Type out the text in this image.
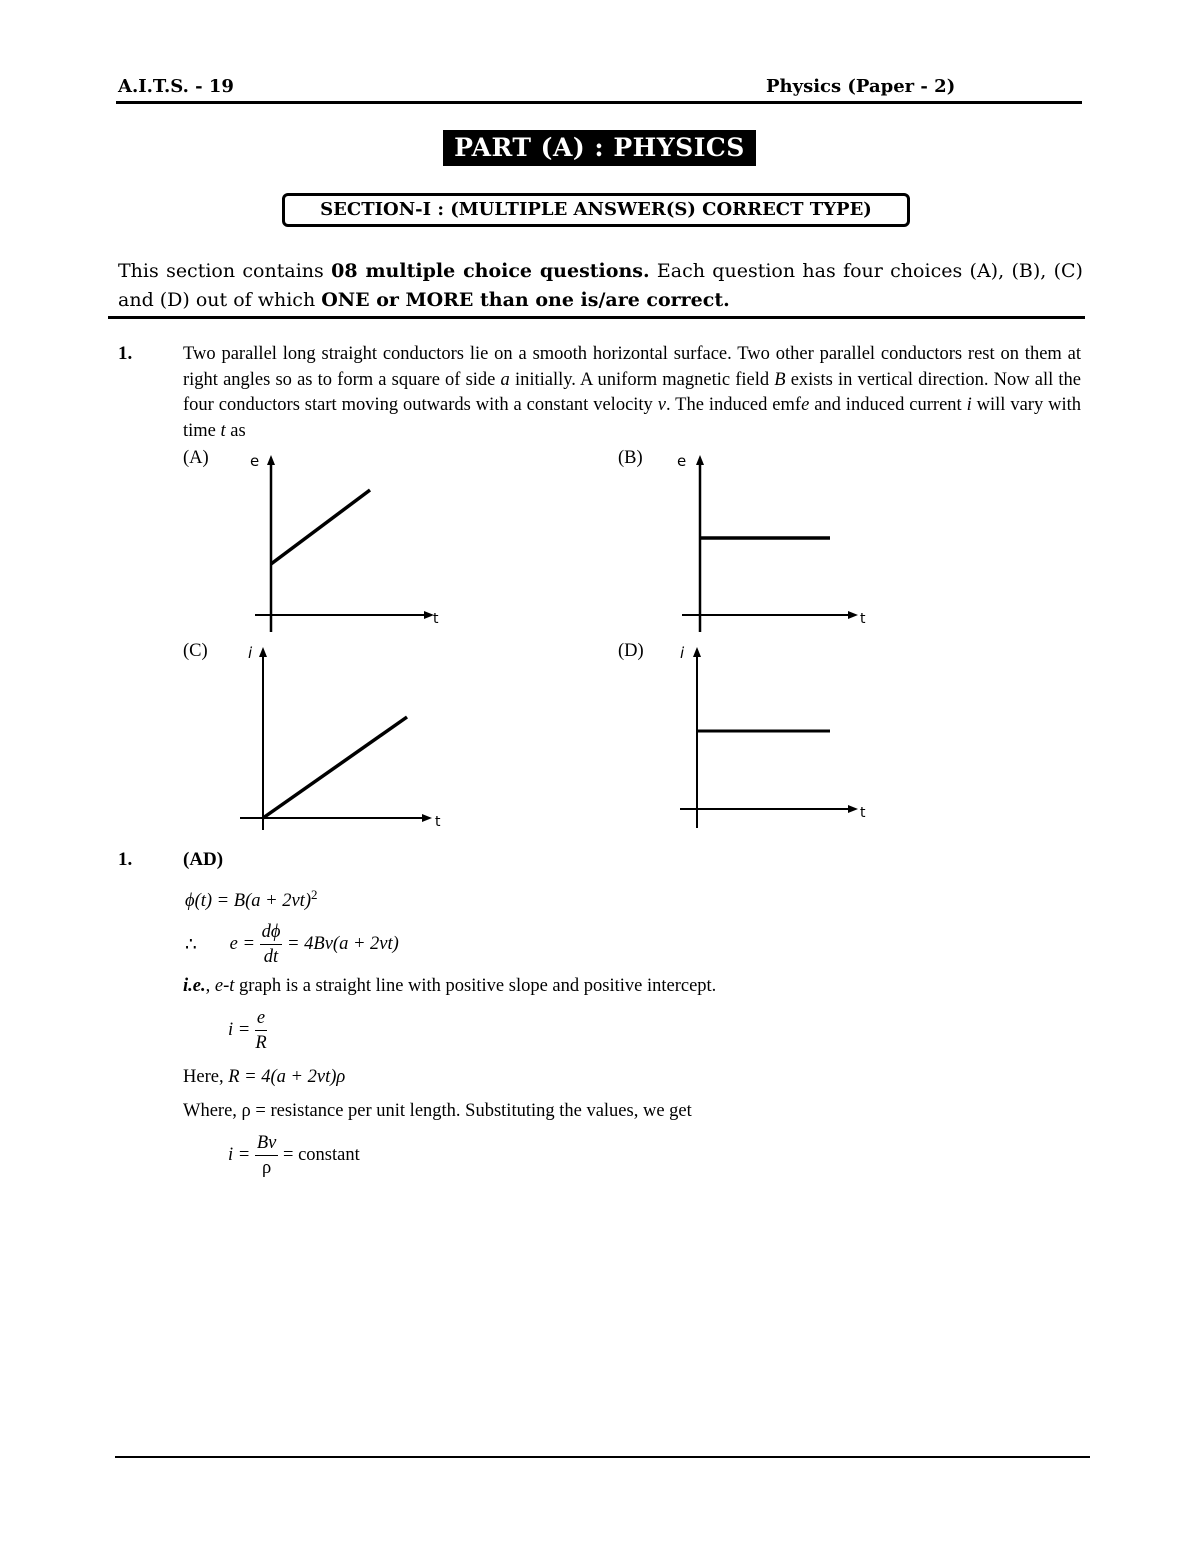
A.I.T.S. - 19	Physics (Paper - 2)
PART (A) : PHYSICS
SECTION-I : (MULTIPLE ANSWER(S) CORRECT TYPE)
This section contains 08 multiple choice questions. Each question has four choices (A), (B), (C) and (D) out of which ONE or MORE than one is/are correct.
1.	Two parallel long straight conductors lie on a smooth horizontal surface. Two other parallel conductors rest on them at right angles so as to form a square of side a initially. A uniform magnetic field B exists in vertical direction. Now all the four conductors start moving outwards with a constant velocity v. The induced emfe and induced current i will vary with time t as
(A)	(B)
(C)	(D)
e
t
e
t
i
t
i
t
1.	(AD)
$\phi(t) = B(a + 2vt)^2$
∴ $e = \frac{d\phi}{dt} = 4Bv(a + 2vt)$
i.e., e-t graph is a straight line with positive slope and positive intercept.
$i = \frac{e}{R}$
Here, R = 4(a + 2vt)ρ
Where, ρ = resistance per unit length. Substituting the values, we get
$i = \frac{Bv}{\rho}$ = constant
